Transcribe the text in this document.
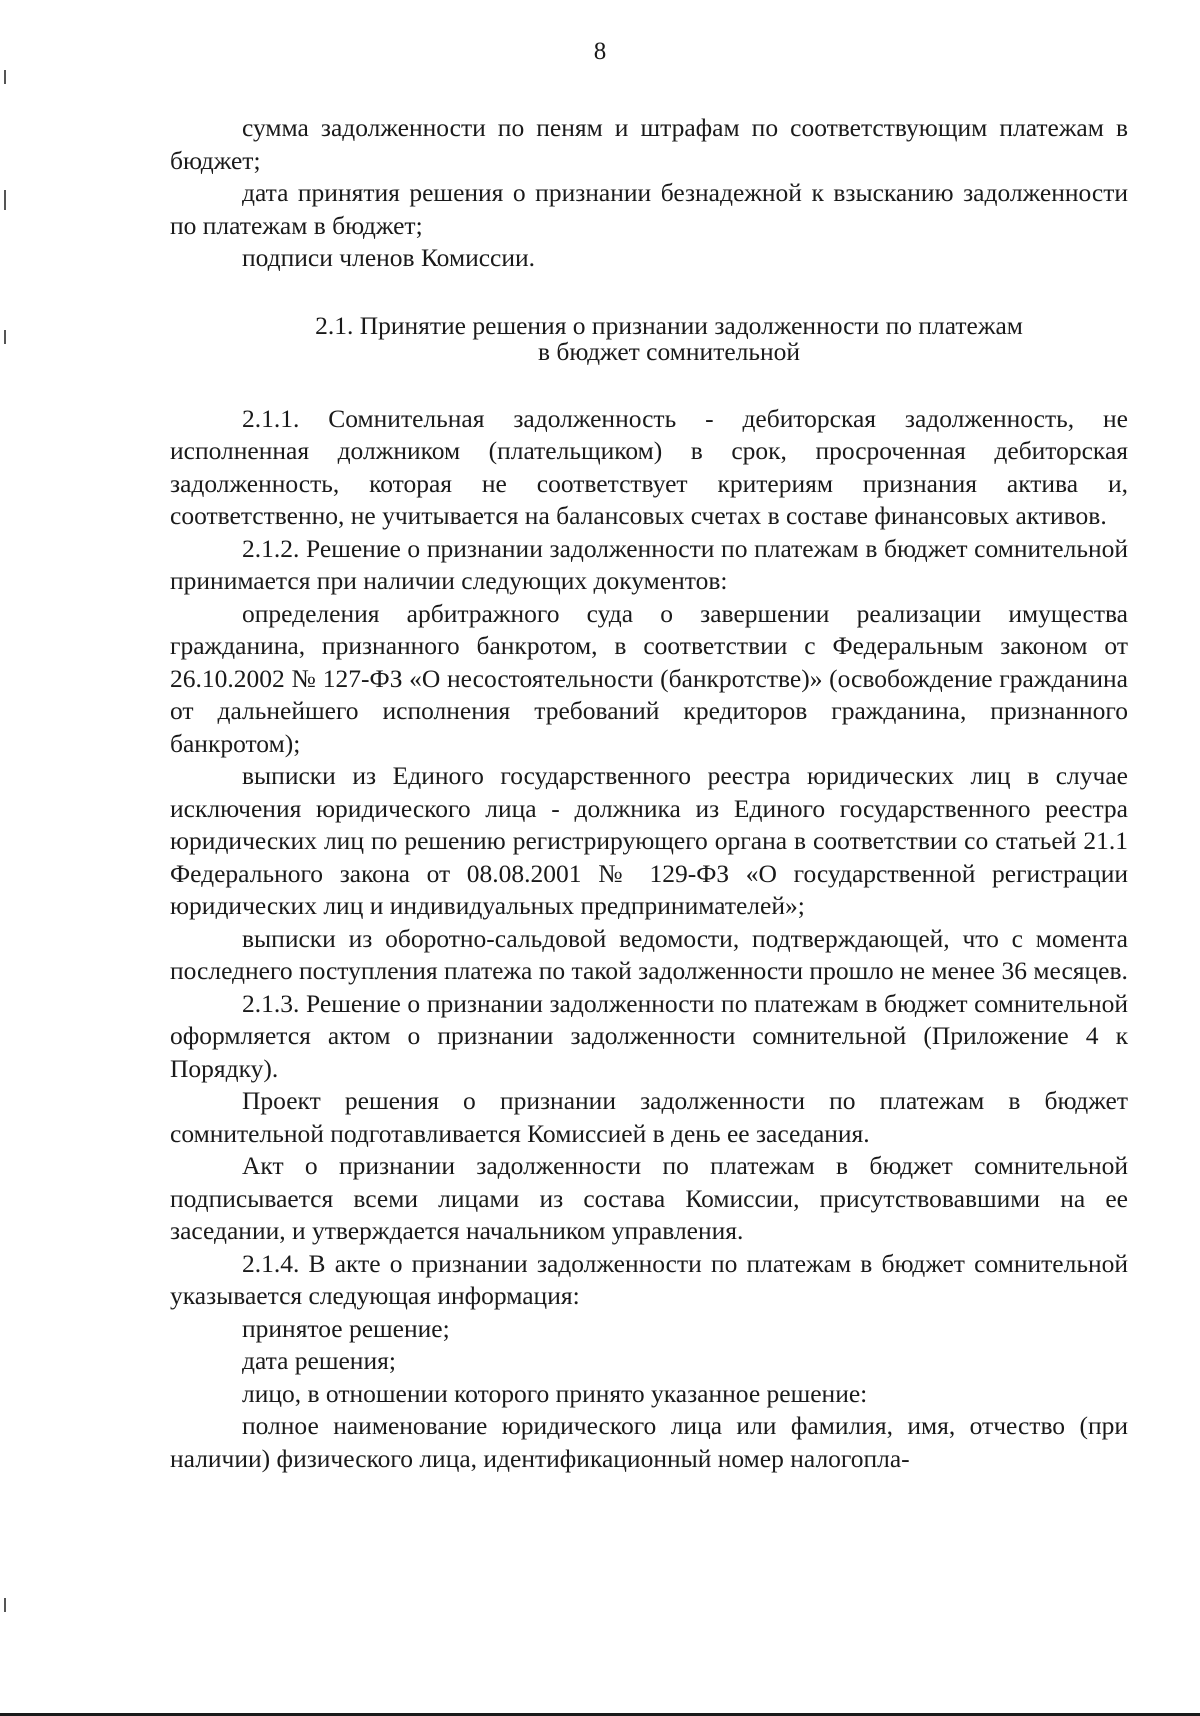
8

сумма задолженности по пеням и штрафам по соответствующим платежам в бюджет;

дата принятия решения о признании безнадежной к взысканию задолженности по платежам в бюджет;

подписи членов Комиссии.

2.1. Принятие решения о признании задолженности по платежам
в бюджет сомнительной

2.1.1. Сомнительная задолженность - дебиторская задолженность, не исполненная должником (плательщиком) в срок, просроченная дебиторская задолженность, которая не соответствует критериям признания актива и, соответственно, не учитывается на балансовых счетах в составе финансовых активов.

2.1.2. Решение о признании задолженности по платежам в бюджет сомнительной принимается при наличии следующих документов:

определения арбитражного суда о завершении реализации имущества гражданина, признанного банкротом, в соответствии с Федеральным законом от 26.10.2002 № 127-ФЗ «О несостоятельности (банкротстве)» (освобождение гражданина от дальнейшего исполнения требований кредиторов гражданина, признанного банкротом);

выписки из Единого государственного реестра юридических лиц в случае исключения юридического лица - должника из Единого государственного реестра юридических лиц по решению регистрирующего органа в соответствии со статьей 21.1 Федерального закона от 08.08.2001 № 129-ФЗ «О государственной регистрации юридических лиц и индивидуальных предпринимателей»;

выписки из оборотно-сальдовой ведомости, подтверждающей, что с момента последнего поступления платежа по такой задолженности прошло не менее 36 месяцев.

2.1.3. Решение о признании задолженности по платежам в бюджет сомнительной оформляется актом о признании задолженности сомнительной (Приложение 4 к Порядку).

Проект решения о признании задолженности по платежам в бюджет сомнительной подготавливается Комиссией в день ее заседания.

Акт о признании задолженности по платежам в бюджет сомнительной подписывается всеми лицами из состава Комиссии, присутствовавшими на ее заседании, и утверждается начальником управления.

2.1.4. В акте о признании задолженности по платежам в бюджет сомнительной указывается следующая информация:

принятое решение;

дата решения;

лицо, в отношении которого принято указанное решение:

полное наименование юридического лица или фамилия, имя, отчество (при наличии) физического лица, идентификационный номер налогопла-
